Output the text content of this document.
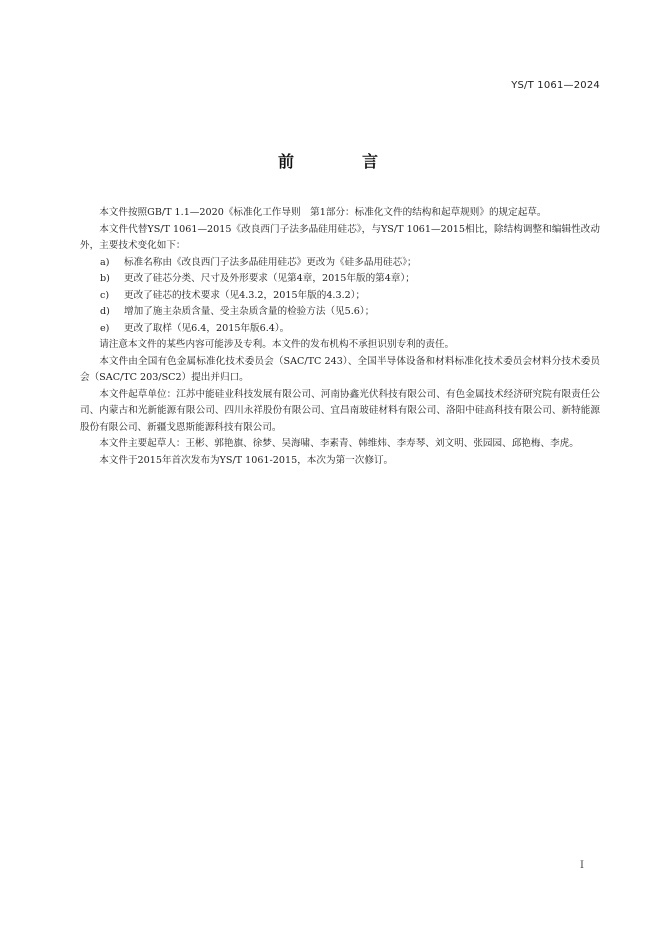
YS/T 1061—2024
前　言

本文件按照GB/T 1.1—2020《标准化工作导则　第1部分：标准化文件的结构和起草规则》的规定起草。

本文件代替YS/T 1061—2015《改良西门子法多晶硅用硅芯》，与YS/T 1061—2015相比，除结构调整和编辑性改动外，主要技术变化如下：

a) 标准名称由《改良西门子法多晶硅用硅芯》更改为《硅多晶用硅芯》；

b) 更改了硅芯分类、尺寸及外形要求（见第4章，2015年版的第4章）；

c) 更改了硅芯的技术要求（见4.3.2，2015年版的4.3.2）；

d) 增加了施主杂质含量、受主杂质含量的检验方法（见5.6）；

e) 更改了取样（见6.4，2015年版6.4）。

请注意本文件的某些内容可能涉及专利。本文件的发布机构不承担识别专利的责任。

本文件由全国有色金属标准化技术委员会（SAC/TC 243）、全国半导体设备和材料标准化技术委员会材料分技术委员会（SAC/TC 203/SC2）提出并归口。

本文件起草单位：江苏中能硅业科技发展有限公司、河南协鑫光伏科技有限公司、有色金属技术经济研究院有限责任公司、内蒙古和光新能源有限公司、四川永祥股份有限公司、宜昌南玻硅材料有限公司、洛阳中硅高科技有限公司、新特能源股份有限公司、新疆戈恩斯能源科技有限公司。

本文件主要起草人：王彬、郭艳旗、徐梦、吴海啸、李素青、韩维炜、李寿琴、刘文明、张园园、邱艳梅、李虎。

本文件于2015年首次发布为YS/T 1061-2015，本次为第一次修订。

I
